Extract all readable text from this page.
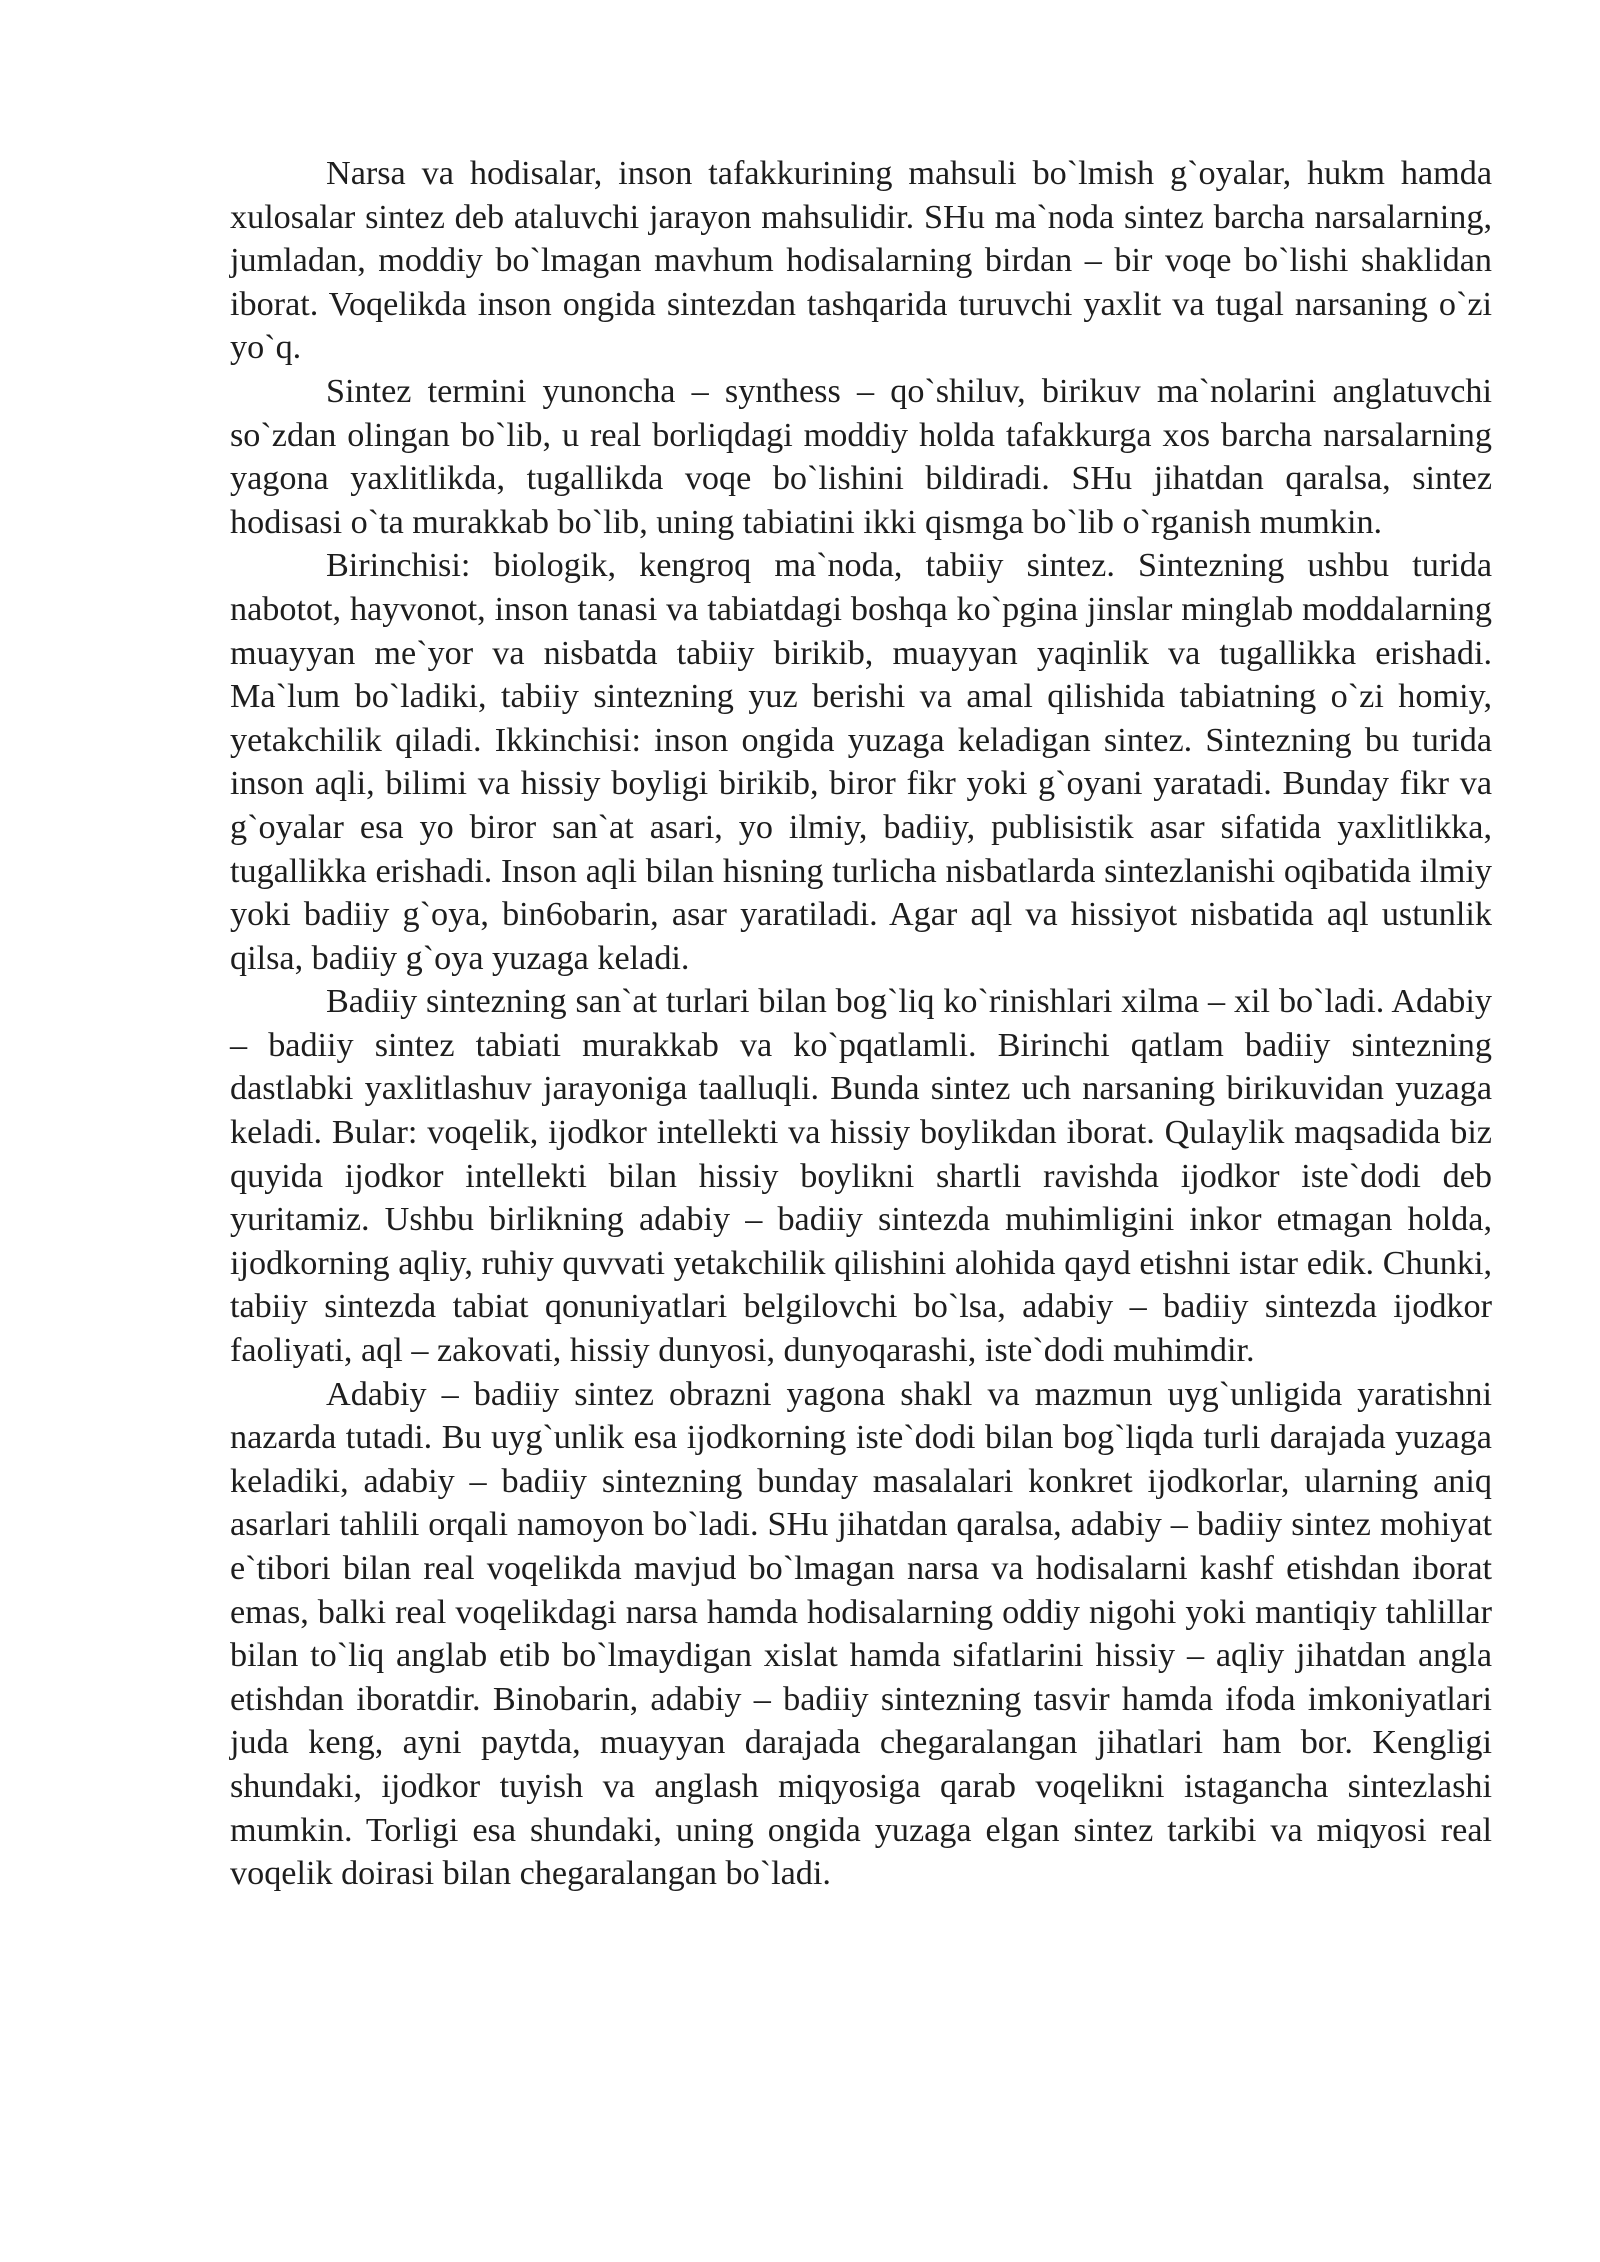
Narsa va hodisalar, inson tafakkurining mahsuli bo`lmish g`oyalar, hukm hamda xulosalar sintez deb ataluvchi jarayon mahsulidir. SHu ma`noda sintez barcha narsalarning, jumladan, moddiy bo`lmagan mavhum hodisalarning birdan – bir voqe bo`lishi shaklidan iborat. Voqelikda inson ongida sintezdan tashqarida turuvchi yaxlit va tugal narsaning o`zi yo`q.

Sintez termini yunoncha – synthess – qo`shiluv, birikuv ma`nolarini anglatuvchi so`zdan olingan bo`lib, u real borliqdagi moddiy holda tafakkurga xos barcha narsalarning yagona yaxlitlikda, tugallikda voqe bo`lishini bildiradi. SHu jihatdan qaralsa, sintez hodisasi o`ta murakkab bo`lib, uning tabiatini ikki qismga bo`lib o`rganish mumkin.

Birinchisi: biologik, kengroq ma`noda, tabiiy sintez. Sintezning ushbu turida nabotot, hayvonot, inson tanasi va tabiatdagi boshqa ko`pgina jinslar minglab moddalarning muayyan me`yor va nisbatda tabiiy birikib, muayyan yaqinlik va tugallikka erishadi. Ma`lum bo`ladiki, tabiiy sintezning yuz berishi va amal qilishida tabiatning o`zi homiy, yetakchilik qiladi. Ikkinchisi: inson ongida yuzaga keladigan sintez. Sintezning bu turida inson aqli, bilimi va hissiy boyligi birikib, biror fikr yoki g`oyani yaratadi. Bunday fikr va g`oyalar esa yo biror san`at asari, yo ilmiy, badiiy, publisistik asar sifatida yaxlitlikka, tugallikka erishadi. Inson aqli bilan hisning turlicha nisbatlarda sintezlanishi oqibatida ilmiy yoki badiiy g`oya, bin6obarin, asar yaratiladi. Agar aql va hissiyot nisbatida aql ustunlik qilsa, badiiy g`oya yuzaga keladi.

Badiiy sintezning san`at turlari bilan bog`liq ko`rinishlari xilma – xil bo`ladi. Adabiy – badiiy sintez tabiati murakkab va ko`pqatlamli. Birinchi qatlam badiiy sintezning dastlabki yaxlitlashuv jarayoniga taalluqli. Bunda sintez uch narsaning birikuvidan yuzaga keladi. Bular: voqelik, ijodkor intellekti va hissiy boylikdan iborat. Qulaylik maqsadida biz quyida ijodkor intellekti bilan hissiy boylikni shartli ravishda ijodkor iste`dodi deb yuritamiz. Ushbu birlikning adabiy – badiiy sintezda muhimligini inkor etmagan holda, ijodkorning aqliy, ruhiy quvvati yetakchilik qilishini alohida qayd etishni istar edik. Chunki, tabiiy sintezda tabiat qonuniyatlari belgilovchi bo`lsa, adabiy – badiiy sintezda ijodkor faoliyati, aql – zakovati, hissiy dunyosi, dunyoqarashi, iste`dodi muhimdir.

Adabiy – badiiy sintez obrazni yagona shakl va mazmun uyg`unligida yaratishni nazarda tutadi. Bu uyg`unlik esa ijodkorning iste`dodi bilan bog`liqda turli darajada yuzaga keladiki, adabiy – badiiy sintezning bunday masalalari konkret ijodkorlar, ularning aniq asarlari tahlili orqali namoyon bo`ladi. SHu jihatdan qaralsa, adabiy – badiiy sintez mohiyat e`tibori bilan real voqelikda mavjud bo`lmagan narsa va hodisalarni kashf etishdan iborat emas, balki real voqelikdagi narsa hamda hodisalarning oddiy nigohi yoki mantiqiy tahlillar bilan to`liq anglab etib bo`lmaydigan xislat hamda sifatlarini hissiy – aqliy jihatdan angla etishdan iboratdir. Binobarin, adabiy – badiiy sintezning tasvir hamda ifoda imkoniyatlari juda keng, ayni paytda, muayyan darajada chegaralangan jihatlari ham bor. Kengligi shundaki, ijodkor tuyish va anglash miqyosiga qarab voqelikni istagancha sintezlashi mumkin. Torligi esa shundaki, uning ongida yuzaga elgan sintez tarkibi va miqyosi real voqelik doirasi bilan chegaralangan bo`ladi.
